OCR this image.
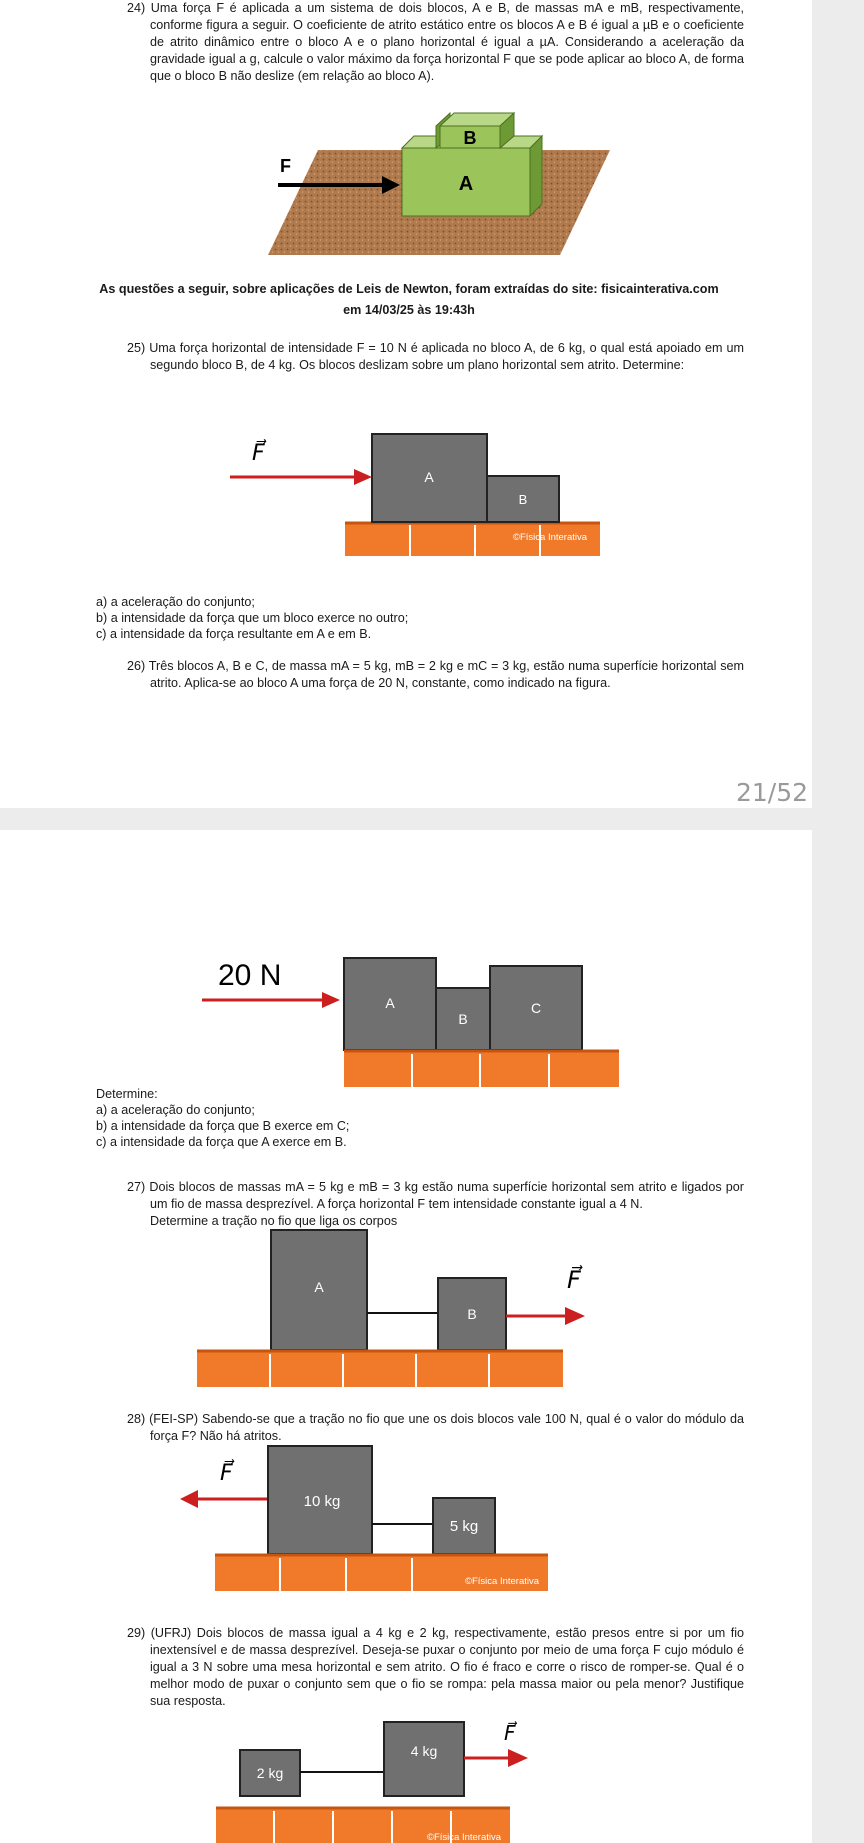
24) Uma força F é aplicada a um sistema de dois blocos, A e B, de massas mA e mB, respectivamente, conforme figura a seguir. O coeficiente de atrito estático entre os blocos A e B é igual a µB e o coeficiente de atrito dinâmico entre o bloco A e o plano horizontal é igual a µA. Considerando a aceleração da gravidade igual a g, calcule o valor máximo da força horizontal F que se pode aplicar ao bloco A, de forma que o bloco B não deslize (em relação ao bloco A).
A
B
F
As questões a seguir, sobre aplicações de Leis de Newton, foram extraídas do site: fisicainterativa.com
em 14/03/25 às 19:43h
25) Uma força horizontal de intensidade F = 10 N é aplicada no bloco A, de 6 kg, o qual está apoiado em um segundo bloco B, de 4 kg. Os blocos deslizam sobre um plano horizontal sem atrito. Determine:
A
B
F⃗
©Física Interativa
a) a aceleração do conjunto;
b) a intensidade da força que um bloco exerce no outro;
c) a intensidade da força resultante em A e em B.
26) Três blocos A, B e C, de massa mA = 5 kg, mB = 2 kg e mC = 3 kg, estão numa superfície horizontal sem atrito. Aplica-se ao bloco A uma força de 20 N, constante, como indicado na figura.
21/52
20 N
A
B
C
Determine:
a) a aceleração do conjunto;
b) a intensidade da força que B exerce em C;
c) a intensidade da força que A exerce em B.
27) Dois blocos de massas mA = 5 kg e mB = 3 kg estão numa superfície horizontal sem atrito e ligados por um fio de massa desprezível. A força horizontal F tem intensidade constante igual a 4 N.
Determine a tração no fio que liga os corpos
A
B
F⃗
28) (FEI-SP) Sabendo-se que a tração no fio que une os dois blocos vale 100 N, qual é o valor do módulo da força F? Não há atritos.
F⃗
10 kg
5 kg
©Física Interativa
29) (UFRJ) Dois blocos de massa igual a 4 kg e 2 kg, respectivamente, estão presos entre si por um fio inextensível e de massa desprezível. Deseja-se puxar o conjunto por meio de uma força F cujo módulo é igual a 3 N sobre uma mesa horizontal e sem atrito. O fio é fraco e corre o risco de romper-se. Qual é o melhor modo de puxar o conjunto sem que o fio se rompa: pela massa maior ou pela menor? Justifique sua resposta.
2 kg
4 kg
F⃗
©Física Interativa
